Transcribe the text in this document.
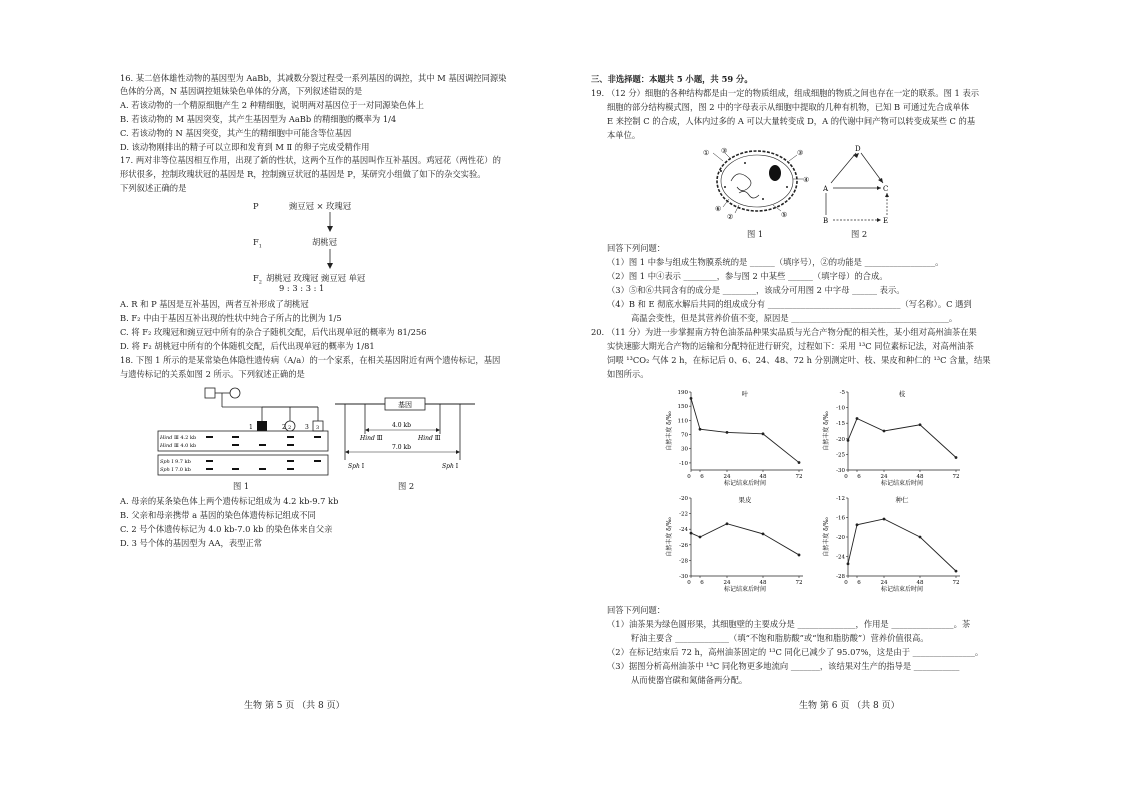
16. 某二倍体雄性动物的基因型为 AaBb，其减数分裂过程受一系列基因的调控，其中 M 基因调控同源染
色体的分离，N 基因调控姐妹染色单体的分离，下列叙述错误的是
A. 若该动物的一个精原细胞产生 2 种精细胞，说明两对基因位于一对同源染色体上
B. 若该动物的 M 基因突变，其产生基因型为 AaBb 的精细胞的概率为 1/4
C. 若该动物的 N 基因突变，其产生的精细胞中可能含等位基因
D. 该动物刚排出的精子可以立即和发育到 M Ⅱ 的卵子完成受精作用
17. 两对非等位基因相互作用，出现了新的性状，这两个互作的基因叫作互补基因。鸡冠花（两性花）的
形状很多，控制玫瑰状冠的基因是 R，控制豌豆状冠的基因是 P，某研究小组做了如下的杂交实验。
下列叙述正确的是
P	豌豆冠 × 玫瑰冠
$F_1$	胡桃冠
$F_2$ 胡桃冠 玫瑰冠 豌豆冠 单冠
9 : 3 : 3 : 1
A. R 和 P 基因是互补基因，两者互补形成了胡桃冠
B. F₂ 中由于基因互补出现的性状中纯合子所占的比例为 1/5
C. 将 F₂ 玫瑰冠和豌豆冠中所有的杂合子随机交配，后代出现单冠的概率为 81/256
D. 将 F₂ 胡桃冠中所有的个体随机交配，后代出现单冠的概率为 1/81
18. 下图 1 所示的是某常染色体隐性遗传病（A/a）的一个家系，在相关基因附近有两个遗传标记，基因
与遗传标记的关系如图 2 所示。下列叙述正确的是
1	2 2 3 3
Hind Ⅲ 4.2 kb
Hind Ⅲ 4.0 kb
Sph Ⅰ 9.7 kb
Sph Ⅰ 7.0 kb
图 1
基因
4.0 kb
7.0 kb
Hind Ⅲ	Hind Ⅲ
Sph Ⅰ	Sph Ⅰ
图 2
A. 母亲的某条染色体上两个遗传标记组成为 4.2 kb-9.7 kb
B. 父亲和母亲携带 a 基因的染色体遗传标记组成不同
C. 2 号个体遗传标记为 4.0 kb-7.0 kb 的染色体来自父亲
D. 3 号个体的基因型为 AA，表型正常
生物 第 5 页 （共 8 页）
三、非选择题：本题共 5 小题，共 59 分。
19. （12 分）细胞的各种结构都是由一定的物质组成，组成细胞的物质之间也存在一定的联系。图 1 表示
细胞的部分结构模式图，图 2 中的字母表示从细胞中提取的几种有机物，已知 B 可通过先合成单体
E 来控制 C 的合成，人体内过多的 A 可以大量转变成 D，A 的代谢中间产物可以转变成某些 C 的基
本单位。
① ③	③
④
⑥
②	⑤
图 1
D
A	C
B	E
图 2
回答下列问题：
（1）图 1 中参与组成生物膜系统的是 ______（填序号），②的功能是 _________________。
（2）图 1 中④表示 ________，参与图 2 中某些 ______（填字母）的合成。
（3）⑤和⑥共同含有的成分是 ________，该成分可用图 2 中字母 ______ 表示。
（4）B 和 E 彻底水解后共同的组成成分有 ________________________________（写名称）。C 遇到
高温会变性，但是其营养价值不变，原因是 ______________________________________。
20. （11 分）为进一步掌握南方特色油茶品种果实品质与光合产物分配的相关性，某小组对高州油茶在果
实快速膨大期光合产物的运输和分配特征进行研究，过程如下：采用 ¹³C 同位素标记法，对高州油茶
饲喂 ¹³CO₂ 气体 2 h，在标记后 0、6、24、48、72 h 分别测定叶、枝、果皮和种仁的 ¹³C 含量，结果
如图所示。
叶
190
150
110
70
30
-10
0 6	24	48	72
标记结束后时间
自然丰度 δ/‰
枝
-5
-10
-15
-20
-25
-30
0 6	24	48	72
标记结束后时间
自然丰度 δ/‰
果皮
-20
-22
-24
-26
-28
-30
0 6	24	48	72
标记结束后时间
自然丰度 δ/‰
种仁
-12
-16
-20
-24
-28
0 6	24	48	72
标记结束后时间
自然丰度 δ/‰
回答下列问题：
（1）油茶果为绿色圆形果，其细胞壁的主要成分是 ______________，作用是 _______________。茶
籽油主要含 _____________（填“不饱和脂肪酸”或“饱和脂肪酸”）营养价值很高。
（2）在标记结束后 72 h，高州油茶固定的 ¹³C 同化已减少了 95.07%，这是由于 _______________。
（3）据图分析高州油茶中 ¹³C 同化物更多地流向 _______，该结果对生产的指导是 ___________
从而使器官碳和氮储备两分配。
生物 第 6 页 （共 8 页）
